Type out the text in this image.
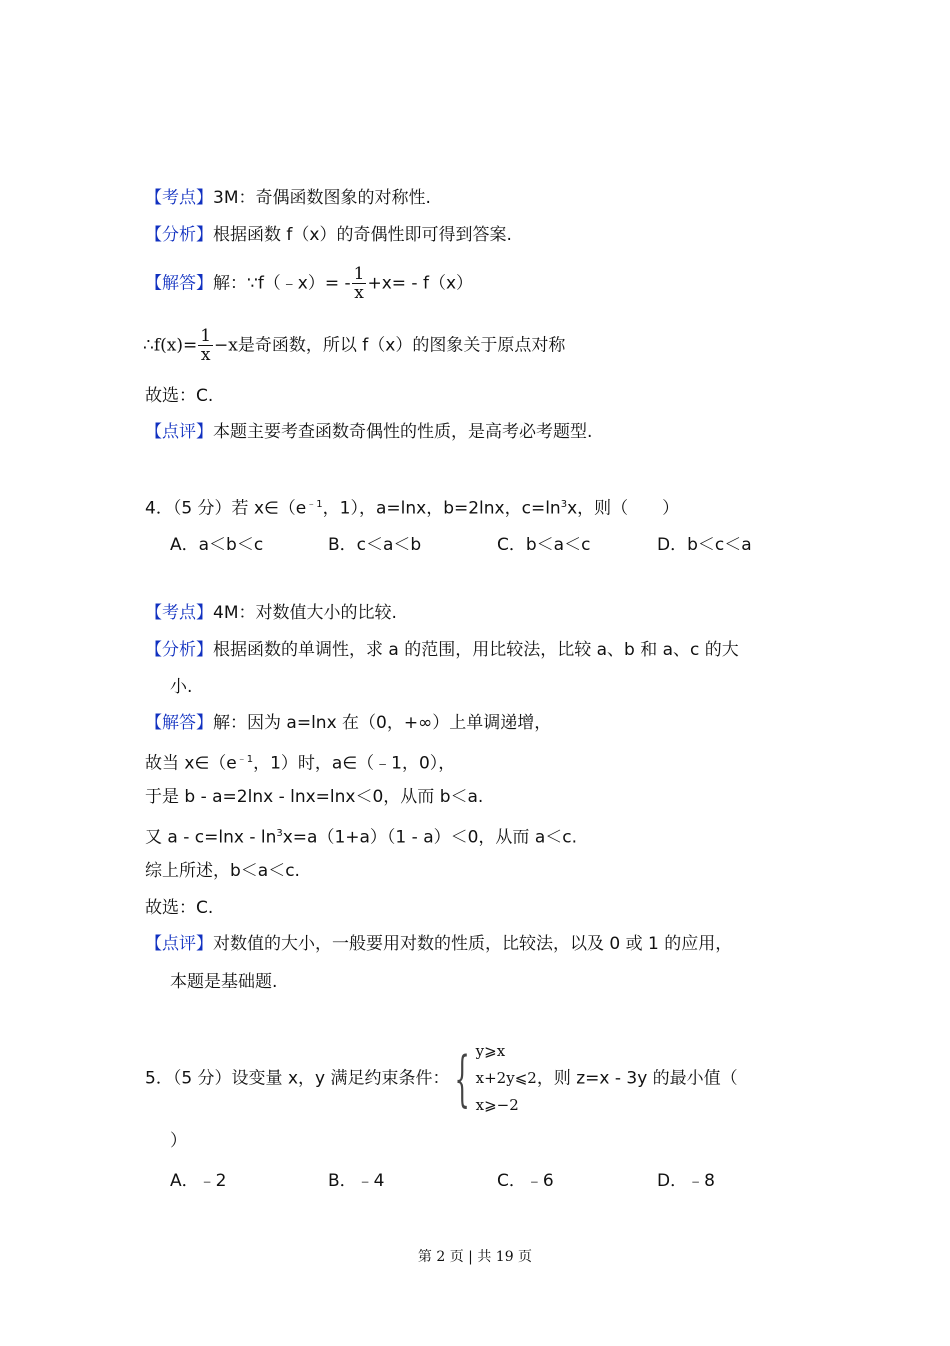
【考点】3M：奇偶函数图象的对称性.
【分析】根据函数 f（x）的奇偶性即可得到答案.
【解答】解：∵f（﹣x）= - $\frac{1}{x} +x= - f(x)$
∴f(x)= $\frac{1}{x} -x$是奇函数，所以 f（x）的图象关于原点对称
故选：C.
【点评】本题主要考查函数奇偶性的性质，是高考必考题型.
4．（5 分）若 $x\in(e^{﹣1}$，1），a=lnx，b=2lnx，$c=\ln^3x$，则（　　）
A．a＜b＜c	B．c＜a＜b	C．b＜a＜c	D．b＜c＜a
【考点】4M：对数值大小的比较.
【分析】根据函数的单调性，求 a 的范围，用比较法，比较 a、b 和 a、c 的大
小.
【解答】解：因为 a=lnx 在（0，+∞）上单调递增，
故当 $x\in(e^{﹣1}$，1）时，a∈（﹣1，0），
于是 b - a=2lnx - lnx=lnx＜0，从而 b＜a.
又 $a - c=\ln x - \ln^3x=a(1+a)(1 - a)<0$，从而 a＜c.
综上所述，b＜a＜c.
故选：C.
【点评】对数值的大小，一般要用对数的性质，比较法，以及 0 或 1 的应用，
本题是基础题.
5．（5 分）设变量 x，y 满足约束条件： { y⩾x
x+2y⩽2
x⩾−2
，则 z=x - 3y 的最小值（
）
A．﹣2	B．﹣4	C．﹣6	D．﹣8
第 2 页 | 共 19 页
